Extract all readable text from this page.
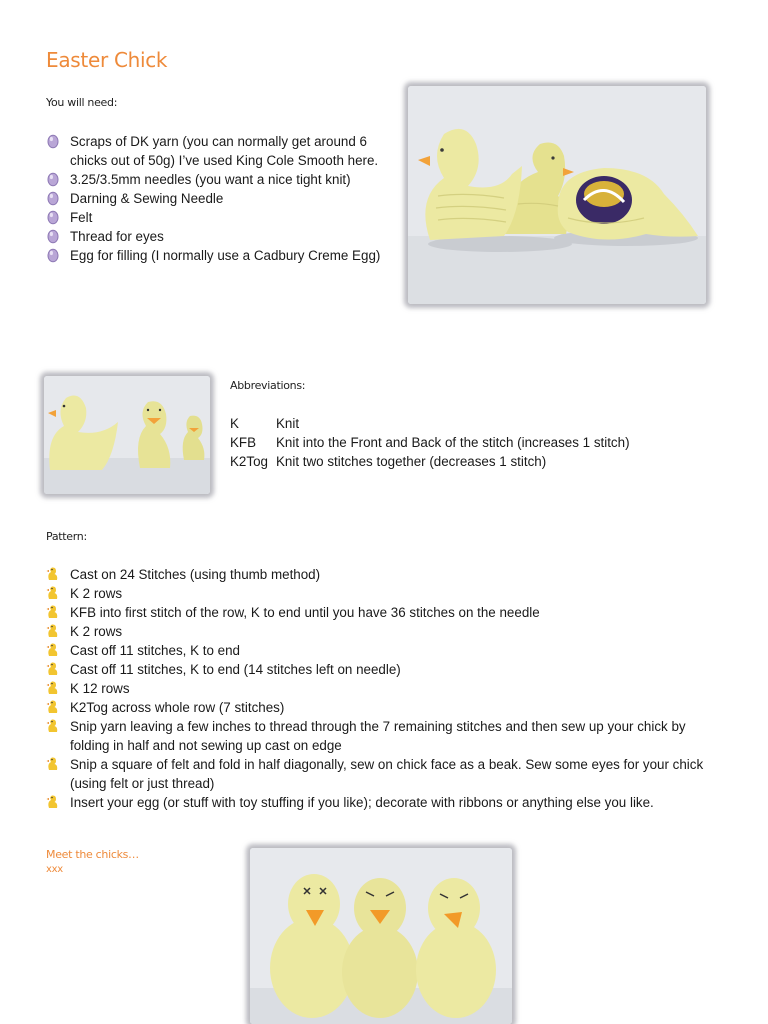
Easter Chick
You will need:
Scraps of DK yarn (you can normally get around 6 chicks out of 50g) I’ve used King Cole Smooth here.
3.25/3.5mm needles (you want a nice tight knit)
Darning & Sewing Needle
Felt
Thread for eyes
Egg for filling (I normally use a Cadbury Creme Egg)
Abbreviations:
K	Knit
KFB	Knit into the Front and Back of the stitch (increases 1 stitch)
K2Tog	Knit two stitches together (decreases 1 stitch)
Pattern:
Cast on 24 Stitches (using thumb method)
K 2 rows
KFB into first stitch of the row, K to end until you have 36 stitches on the needle
K 2 rows
Cast off 11 stitches, K to end
Cast off 11 stitches, K to end (14 stitches left on needle)
K 12 rows
K2Tog across whole row (7 stitches)
Snip yarn leaving a few inches to thread through the 7 remaining stitches and then sew up your chick by folding in half and not sewing up cast on edge
Snip a square of felt and fold in half diagonally, sew on chick face as a beak. Sew some eyes for your chick (using felt or just thread)
Insert your egg (or stuff with toy stuffing if you like); decorate with ribbons or anything else you like.
Meet the chicks…
xxx
